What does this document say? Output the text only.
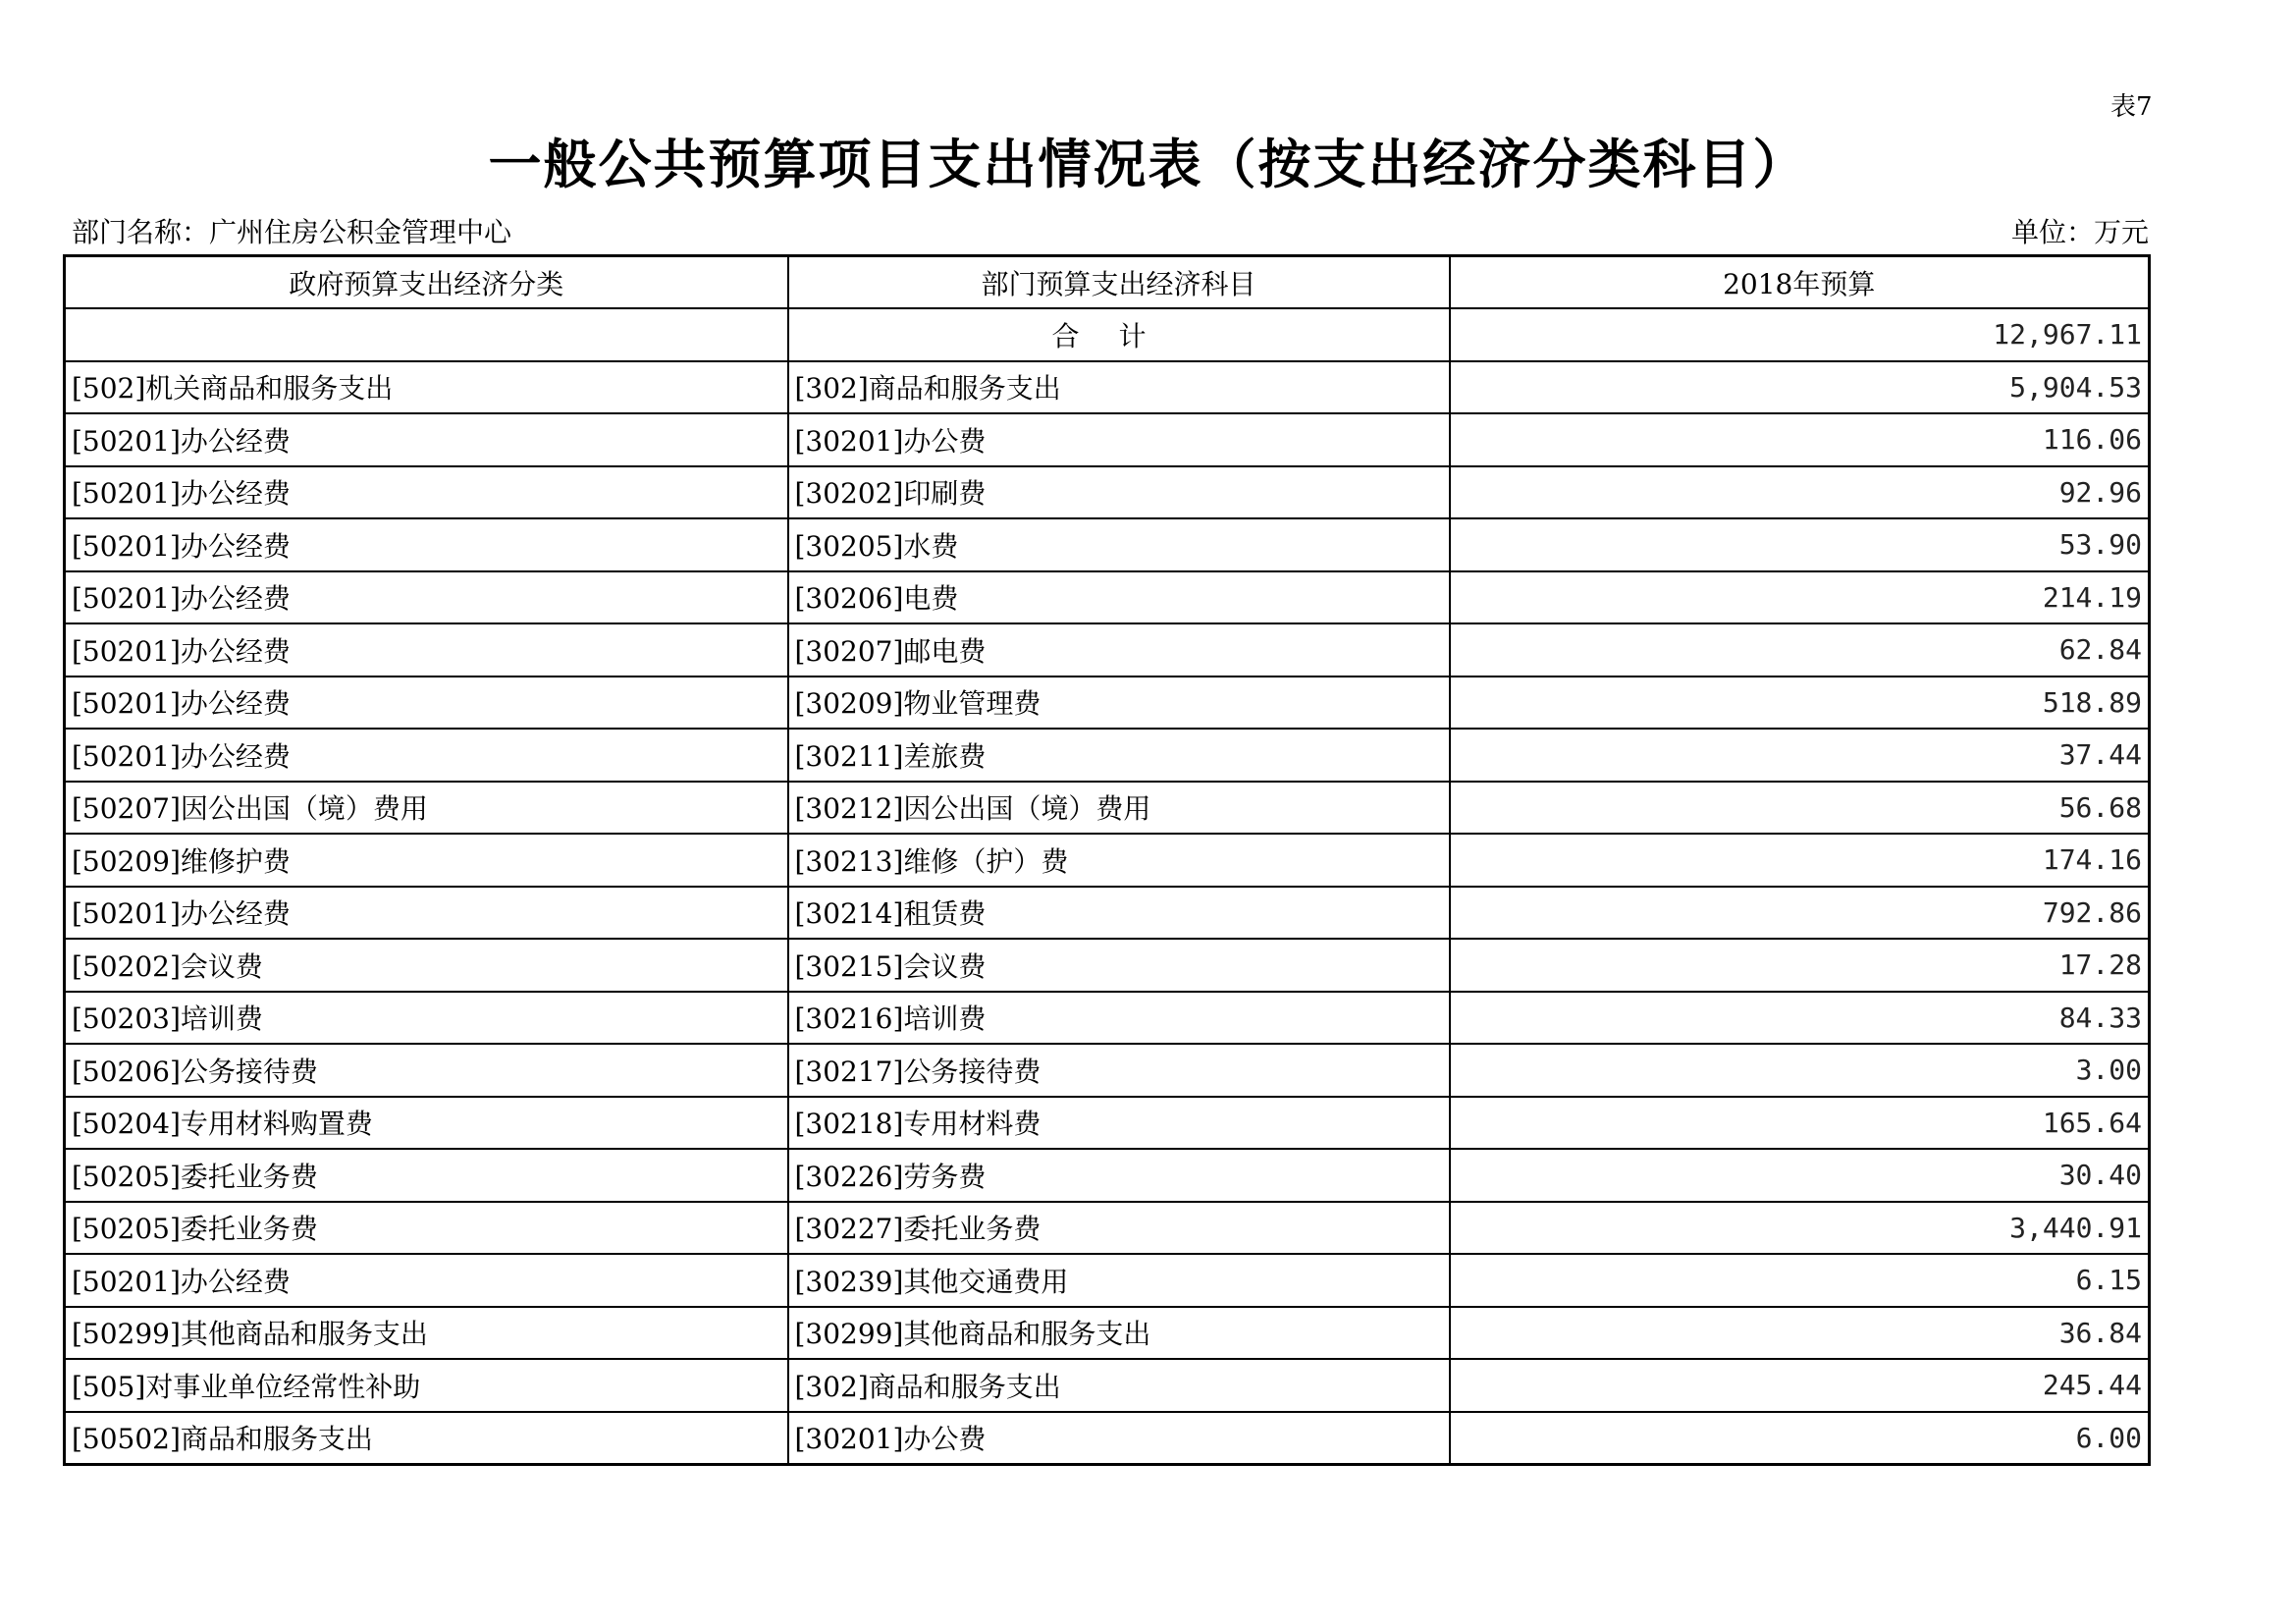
表7
一般公共预算项目支出情况表（按支出经济分类科目）
部门名称：广州住房公积金管理中心	单位：万元
政府预算支出经济分类	部门预算支出经济科目	2018年预算
	合计	12,967.11
[502]机关商品和服务支出	[302]商品和服务支出	5,904.53
[50201]办公经费	[30201]办公费	116.06
[50201]办公经费	[30202]印刷费	92.96
[50201]办公经费	[30205]水费	53.90
[50201]办公经费	[30206]电费	214.19
[50201]办公经费	[30207]邮电费	62.84
[50201]办公经费	[30209]物业管理费	518.89
[50201]办公经费	[30211]差旅费	37.44
[50207]因公出国（境）费用	[30212]因公出国（境）费用	56.68
[50209]维修护费	[30213]维修（护）费	174.16
[50201]办公经费	[30214]租赁费	792.86
[50202]会议费	[30215]会议费	17.28
[50203]培训费	[30216]培训费	84.33
[50206]公务接待费	[30217]公务接待费	3.00
[50204]专用材料购置费	[30218]专用材料费	165.64
[50205]委托业务费	[30226]劳务费	30.40
[50205]委托业务费	[30227]委托业务费	3,440.91
[50201]办公经费	[30239]其他交通费用	6.15
[50299]其他商品和服务支出	[30299]其他商品和服务支出	36.84
[505]对事业单位经常性补助	[302]商品和服务支出	245.44
[50502]商品和服务支出	[30201]办公费	6.00
